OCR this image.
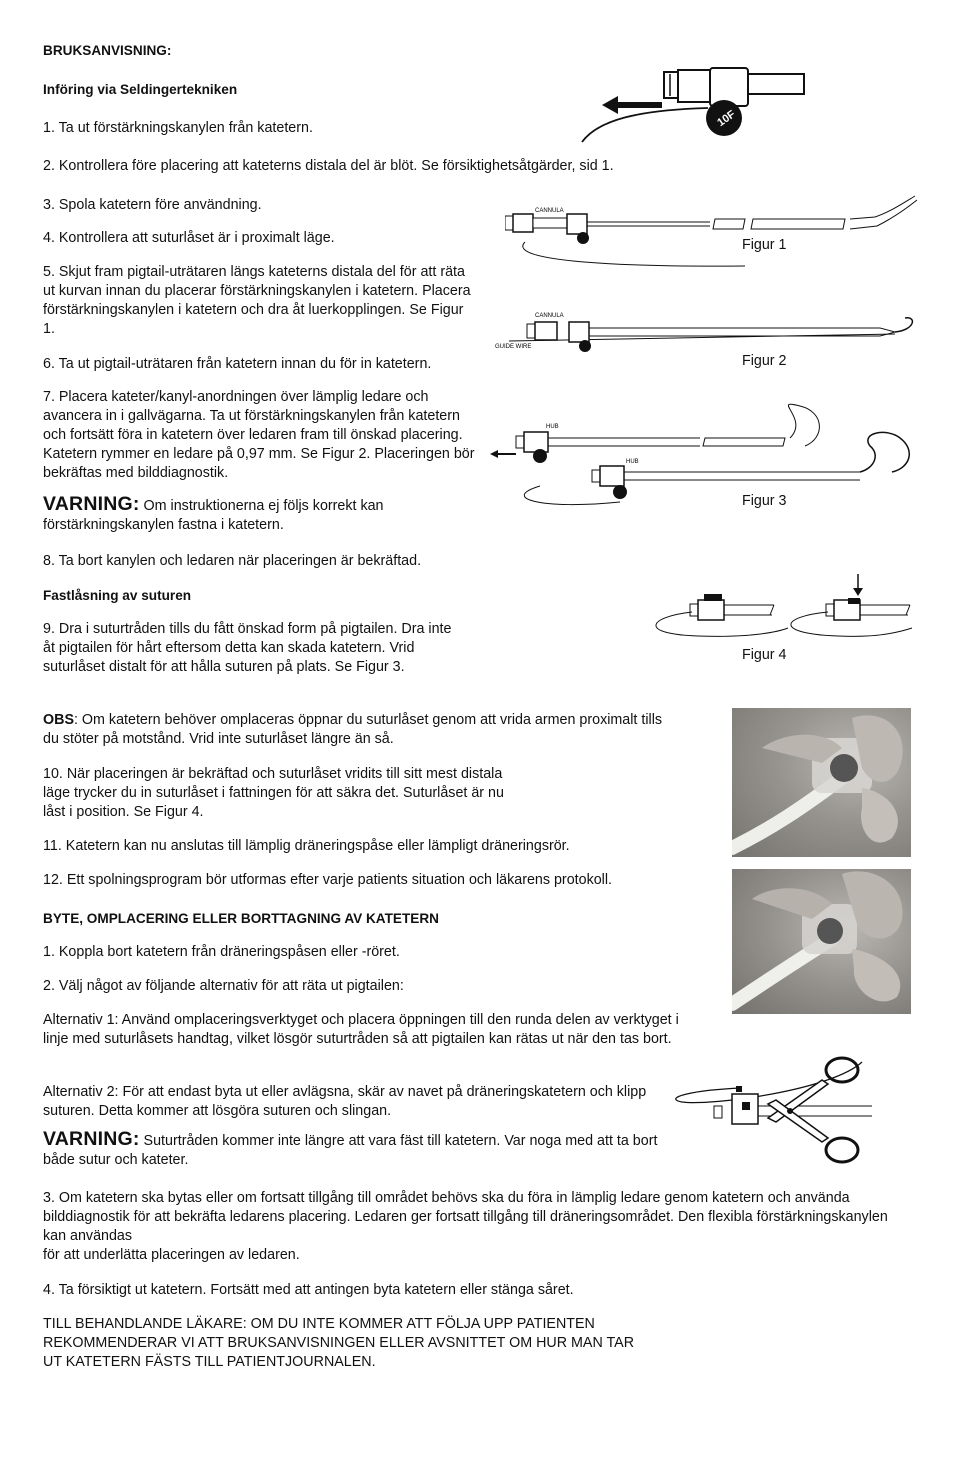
BRUKSANVISNING:

Införing via Seldingertekniken

1. Ta ut förstärkningskanylen från katetern.

2. Kontrollera före placering att kateterns distala del är blöt. Se försiktighetsåtgärder, sid 1.

3. Spola katetern före användning.

4. Kontrollera att suturlåset är i proximalt läge.

5. Skjut fram pigtail-uträtaren längs kateterns distala del för att räta ut kurvan innan du placerar förstärkningskanylen i katetern. Placera förstärkningskanylen i katetern och dra åt luerkopplingen. Se Figur 1.

6. Ta ut pigtail-uträtaren från katetern innan du för in katetern.

7. Placera kateter/kanyl-anordningen över lämplig ledare och avancera in i gallvägarna. Ta ut förstärkningskanylen från katetern och fortsätt föra in katetern över ledaren fram till önskad placering. Katetern rymmer en ledare på 0,97 mm. Se Figur 2. Placeringen bör bekräftas med bilddiagnostik.

VARNING: Om instruktionerna ej följs korrekt kan förstärkningskanylen fastna i katetern.

8. Ta bort kanylen och ledaren när placeringen är bekräftad.

Fastlåsning av suturen

9. Dra i suturtråden tills du fått önskad form på pigtailen. Dra inte åt pigtailen för hårt eftersom detta kan skada katetern. Vrid suturlåset distalt för att hålla suturen på plats. Se Figur 3.

OBS: Om katetern behöver omplaceras öppnar du suturlåset genom att vrida armen proximalt tills du stöter på motstånd. Vrid inte suturlåset längre än så.

10. När placeringen är bekräftad och suturlåset vridits till sitt mest distala läge trycker du in suturlåset i fattningen för att säkra det. Suturlåset är nu låst i position. Se Figur 4.

11. Katetern kan nu anslutas till lämplig dräneringspåse eller lämpligt dräneringsrör.

12. Ett spolningsprogram bör utformas efter varje patients situation och läkarens protokoll.

BYTE, OMPLACERING ELLER BORTTAGNING AV KATETERN

1. Koppla bort katetern från dräneringspåsen eller -röret.

2. Välj något av följande alternativ för att räta ut pigtailen:

Alternativ 1: Använd omplaceringsverktyget och placera öppningen till den runda delen av verktyget i linje med suturlåsets handtag, vilket lösgör suturtråden så att pigtailen kan rätas ut när den tas bort.

Alternativ 2: För att endast byta ut eller avlägsna, skär av navet på dräneringskatetern och klipp suturen. Detta kommer att lösgöra suturen och slingan.

VARNING: Suturtråden kommer inte längre att vara fäst till katetern. Var noga med att ta bort både sutur och kateter.

3. Om katetern ska bytas eller om fortsatt tillgång till området behövs ska du föra in lämplig ledare genom katetern och använda bilddiagnostik för att bekräfta ledarens placering. Ledaren ger fortsatt tillgång till dräneringsområdet. Den flexibla förstärkningskanylen kan användas

för att underlätta placeringen av ledaren.

4. Ta försiktigt ut katetern. Fortsätt med att antingen byta katetern eller stänga såret.

TILL BEHANDLANDE LÄKARE: OM DU INTE KOMMER ATT FÖLJA UPP PATIENTEN REKOMMENDERAR VI ATT BRUKSANVISNINGEN ELLER AVSNITTET OM HUR MAN TAR UT KATETERN FÄSTS TILL PATIENTJOURNALEN.

10F
CANNULA
Figur 1
CANNULA
GUIDE WIRE
Figur 2
HUB
HUB
Figur 3
Figur 4
